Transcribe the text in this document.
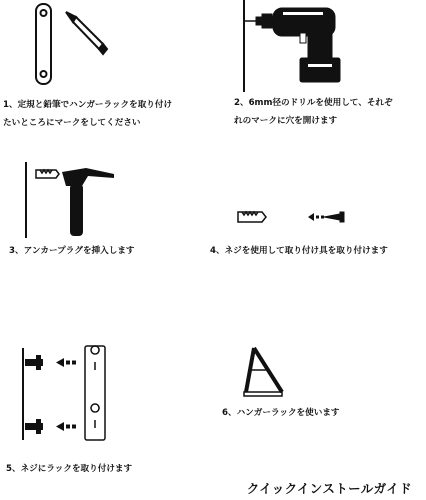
1、定規と鉛筆でハンガーラックを取り付け
たいところにマークをしてください
2、6mm径のドリルを使用して、それぞ
れのマークに穴を開けます
3、アンカープラグを挿入します	4、ネジを使用して取り付け具を取り付けます
5、ネジにラックを取り付けます
6、ハンガーラックを使います
クイックインストールガイド
